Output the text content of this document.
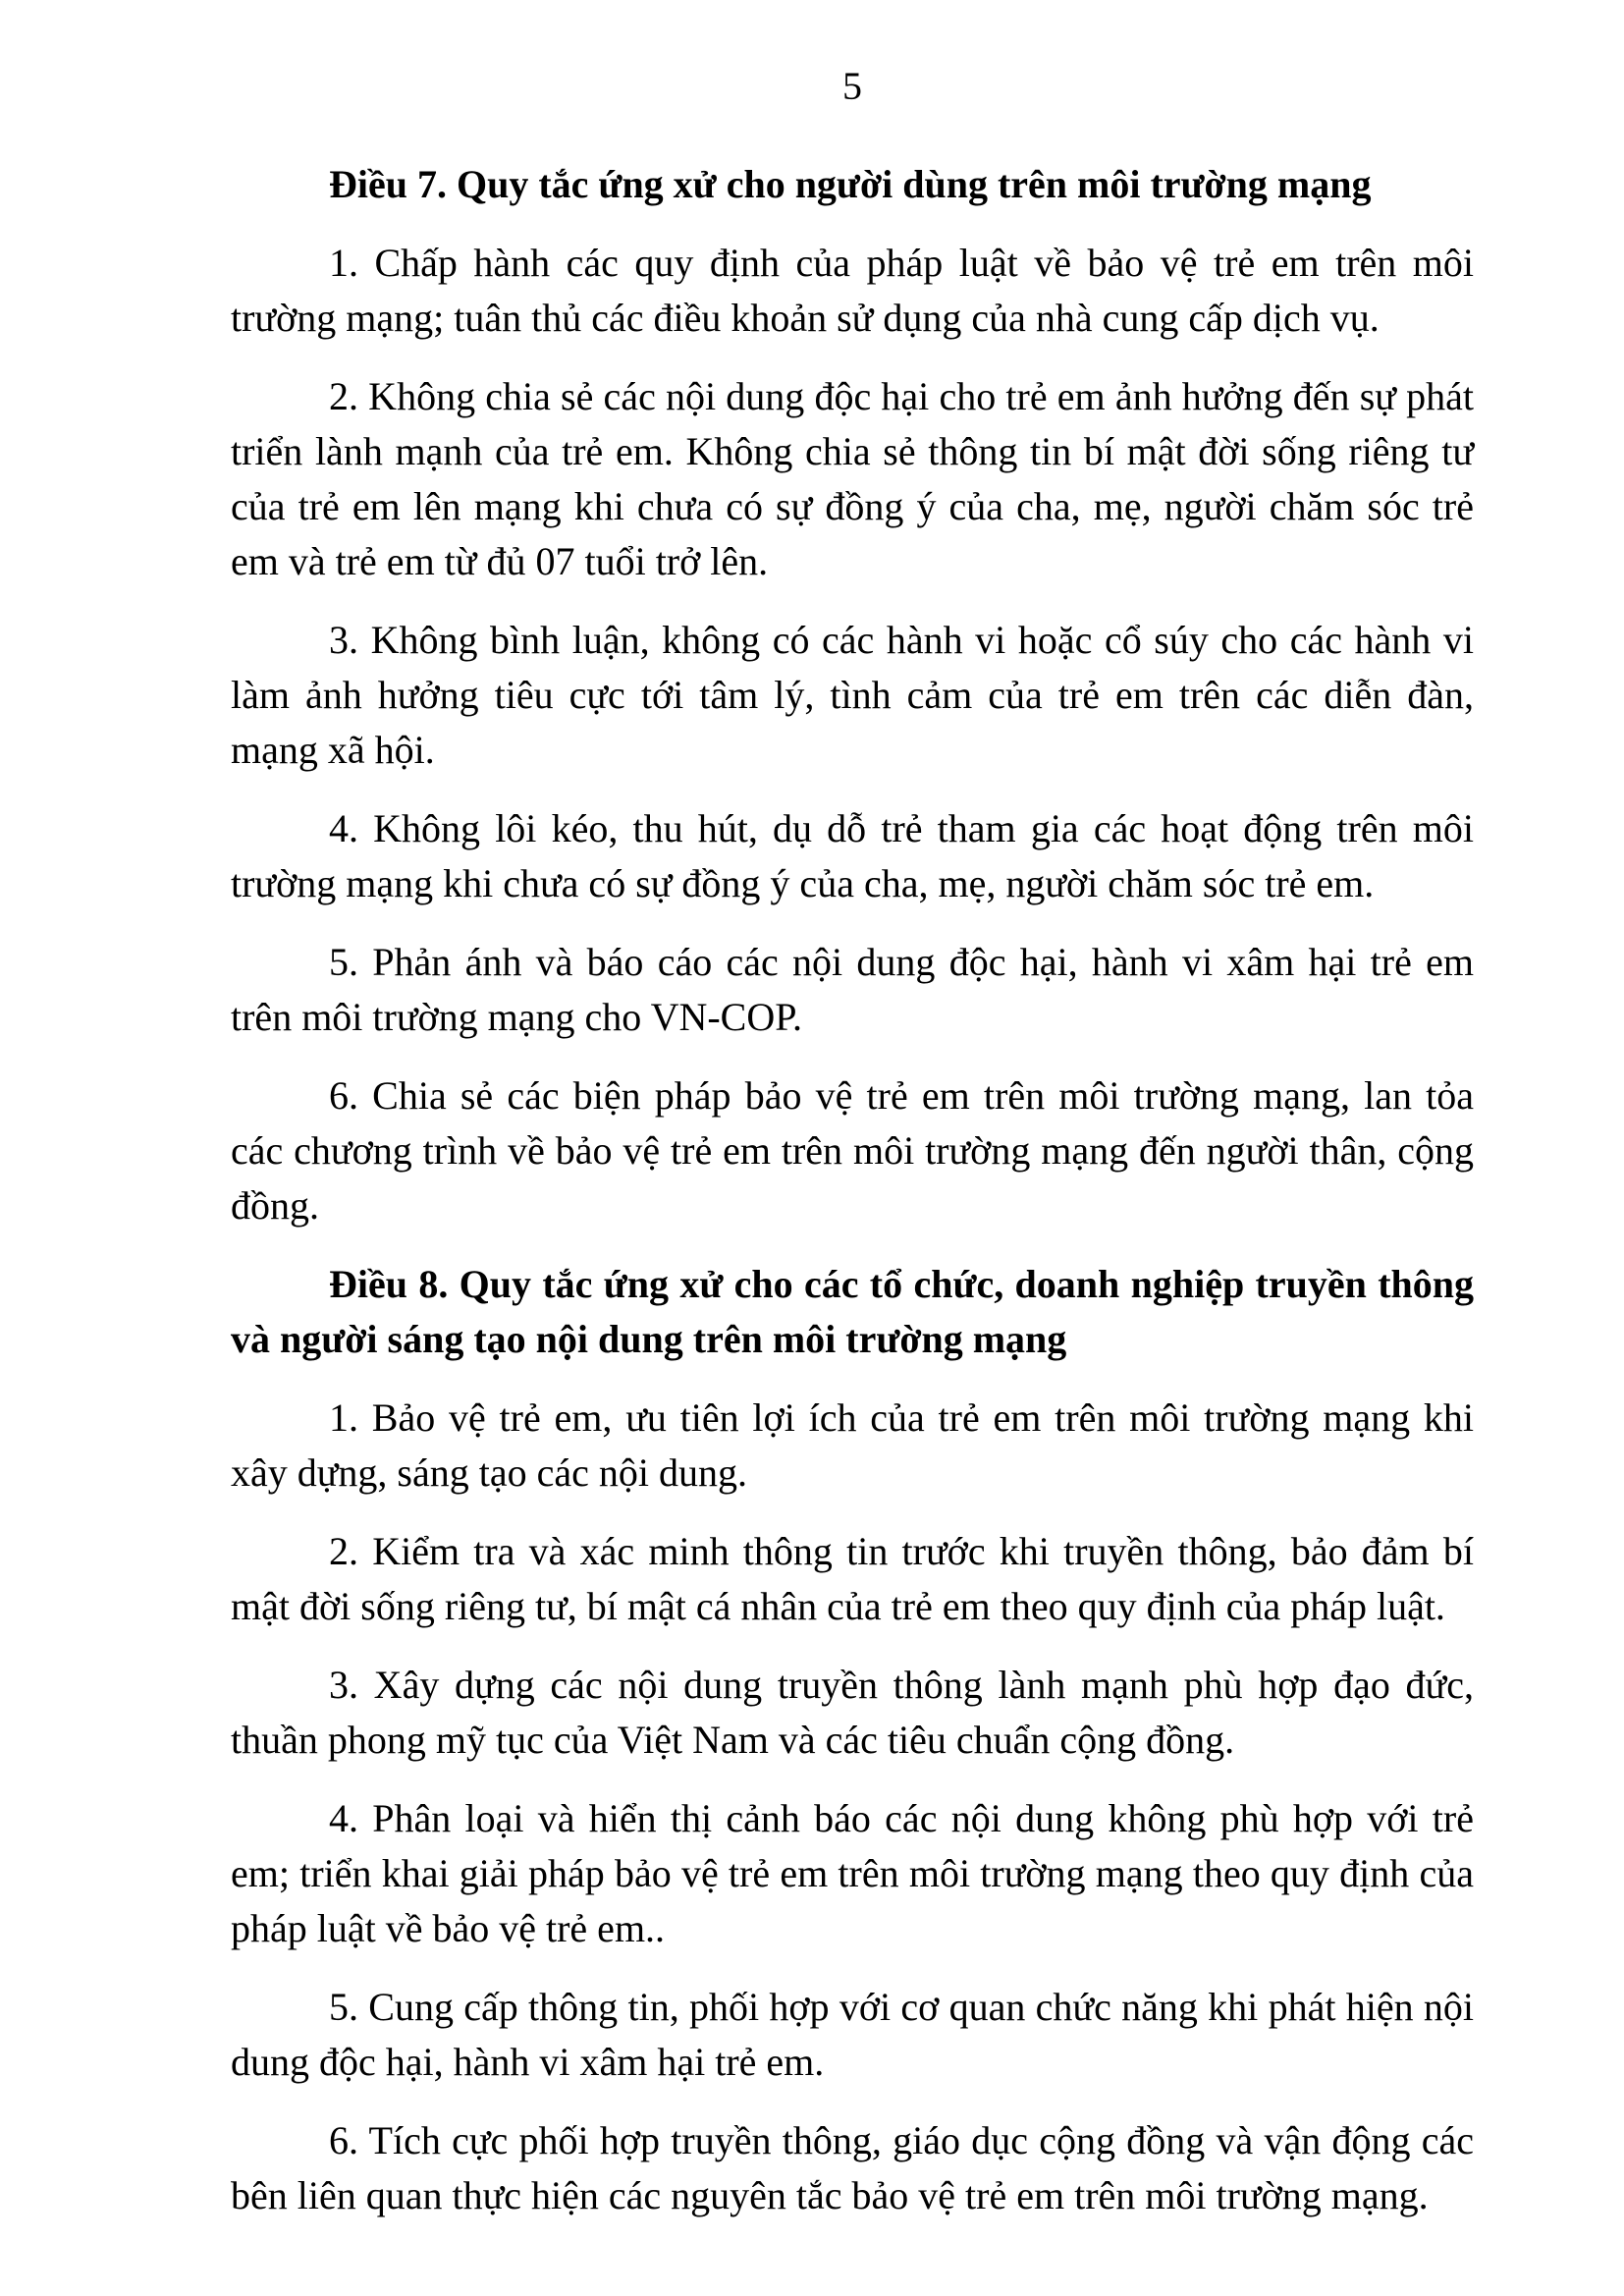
5

Điều 7. Quy tắc ứng xử cho người dùng trên môi trường mạng

1. Chấp hành các quy định của pháp luật về bảo vệ trẻ em trên môi trường mạng; tuân thủ các điều khoản sử dụng của nhà cung cấp dịch vụ.

2. Không chia sẻ các nội dung độc hại cho trẻ em ảnh hưởng đến sự phát triển lành mạnh của trẻ em. Không chia sẻ thông tin bí mật đời sống riêng tư của trẻ em lên mạng khi chưa có sự đồng ý của cha, mẹ, người chăm sóc trẻ em và trẻ em từ đủ 07 tuổi trở lên.

3. Không bình luận, không có các hành vi hoặc cổ súy cho các hành vi làm ảnh hưởng tiêu cực tới tâm lý, tình cảm của trẻ em trên các diễn đàn, mạng xã hội.

4. Không lôi kéo, thu hút, dụ dỗ trẻ tham gia các hoạt động trên môi trường mạng khi chưa có sự đồng ý của cha, mẹ, người chăm sóc trẻ em.

5. Phản ánh và báo cáo các nội dung độc hại, hành vi xâm hại trẻ em trên môi trường mạng cho VN-COP.

6. Chia sẻ các biện pháp bảo vệ trẻ em trên môi trường mạng, lan tỏa các chương trình về bảo vệ trẻ em trên môi trường mạng đến người thân, cộng đồng.

Điều 8. Quy tắc ứng xử cho các tổ chức, doanh nghiệp truyền thông và người sáng tạo nội dung trên môi trường mạng

1. Bảo vệ trẻ em, ưu tiên lợi ích của trẻ em trên môi trường mạng khi xây dựng, sáng tạo các nội dung.

2. Kiểm tra và xác minh thông tin trước khi truyền thông, bảo đảm bí mật đời sống riêng tư, bí mật cá nhân của trẻ em theo quy định của pháp luật.

3. Xây dựng các nội dung truyền thông lành mạnh phù hợp đạo đức, thuần phong mỹ tục của Việt Nam và các tiêu chuẩn cộng đồng.

4. Phân loại và hiển thị cảnh báo các nội dung không phù hợp với trẻ em; triển khai giải pháp bảo vệ trẻ em trên môi trường mạng theo quy định của pháp luật về bảo vệ trẻ em..

5. Cung cấp thông tin, phối hợp với cơ quan chức năng khi phát hiện nội dung độc hại, hành vi xâm hại trẻ em.

6. Tích cực phối hợp truyền thông, giáo dục cộng đồng và vận động các bên liên quan thực hiện các nguyên tắc bảo vệ trẻ em trên môi trường mạng.
